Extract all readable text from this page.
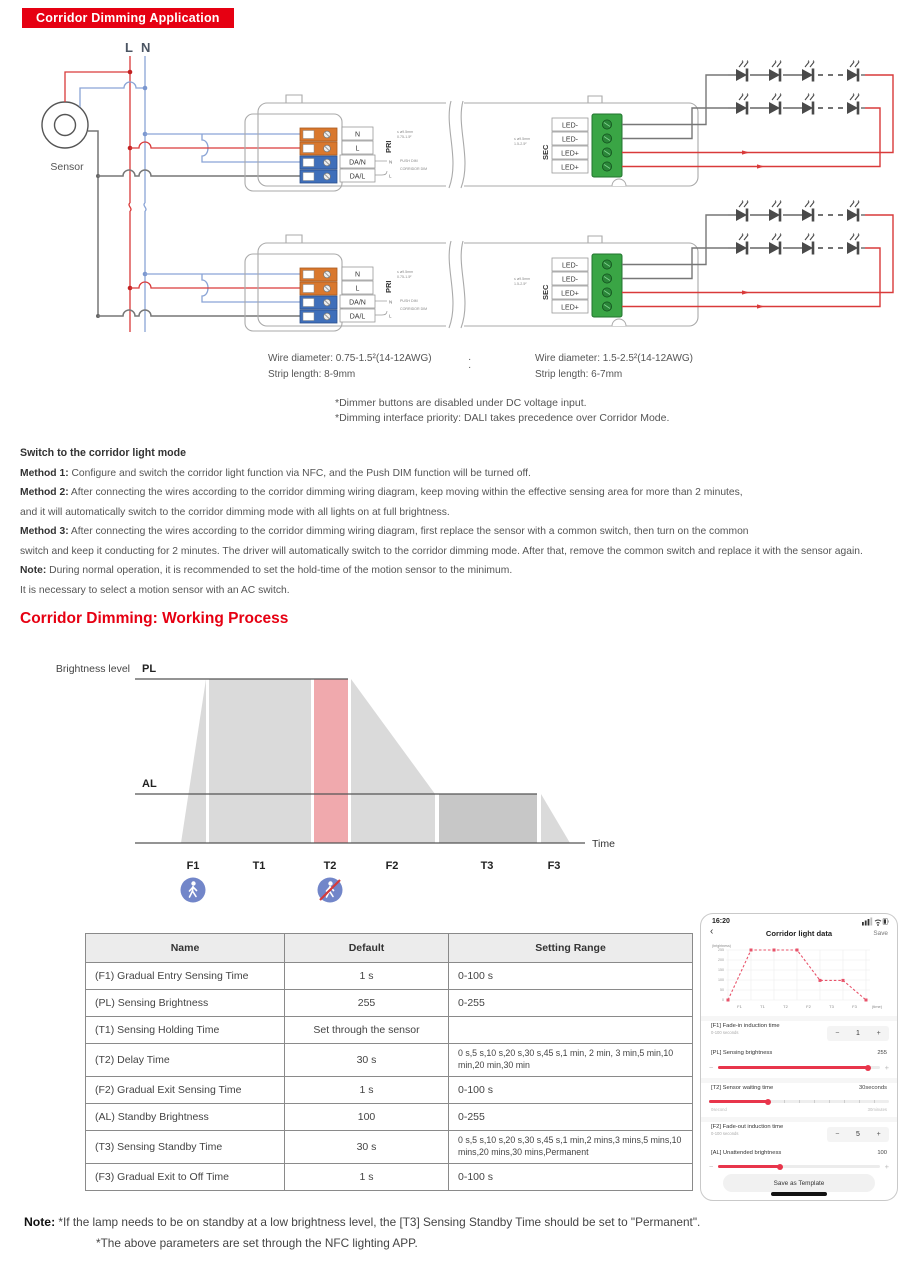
Corridor Dimming Application
L N
Sensor
Wire diameter: 0.75-1.5²(14-12AWG)
Strip length: 8-9mm
·
·
Wire diameter: 1.5-2.5²(14-12AWG)
Strip length: 6-7mm
*Dimmer buttons are disabled under DC voltage input.
*Dimming interface priority: DALI takes precedence over Corridor Mode.
Switch to the corridor light mode
Method 1: Configure and switch the corridor light function via NFC, and the Push DIM function will be turned off.
Method 2: After connecting the wires according to the corridor dimming wiring diagram, keep moving within the effective sensing area for more than 2 minutes,
and it will automatically switch to the corridor dimming mode with all lights on at full brightness.
Method 3: After connecting the wires according to the corridor dimming wiring diagram, first replace the sensor with a common switch, then turn on the common
switch and keep it conducting for 2 minutes. The driver will automatically switch to the corridor dimming mode. After that, remove the common switch and replace it with the sensor again.
Note: During normal operation, it is recommended to set the hold-time of the motion sensor to the minimum.
It is necessary to select a motion sensor with an AC switch.
Corridor Dimming: Working Process
Brightness level PL
AL
Time
F1	T1	T2	F2	T3	F3
Name	Default	Setting Range
(F1) Gradual Entry Sensing Time	1 s	0-100 s
(PL) Sensing Brightness	255	0-255
(T1) Sensing Holding Time	Set through the sensor	
(T2) Delay Time	30 s	0 s,5 s,10 s,20 s,30 s,45 s,1 min, 2 min, 3 min,5 min,10 min,20 min,30 min
(F2) Gradual Exit Sensing Time	1 s	0-100 s
(AL) Standby Brightness	100	0-255
(T3) Sensing Standby Time	30 s	0 s,5 s,10 s,20 s,30 s,45 s,1 min,2 mins,3 mins,5 mins,10 mins,20 mins,30 mins,Permanent
(F3) Gradual Exit to Off Time	1 s	0-100 s
16:20
‹	Corridor light data	Save
(brightness)
255
200
150
100
50
0
F1	T1	T2	F2	T3	F3	(time)
[F1] Fade-in induction time
0-100 seconds	−	1	+
[PL] Sensing brightness	255
−	+
[T2] Sensor waiting time	30seconds
0second	30minutes
[F2] Fade-out induction time
0-100 seconds	−	5	+
[AL] Unattended brightness	100
−	+
Save as Template
Note: *If the lamp needs to be on standby at a low brightness level, the [T3] Sensing Standby Time should be set to "Permanent".
*The above parameters are set through the NFC lighting APP.
